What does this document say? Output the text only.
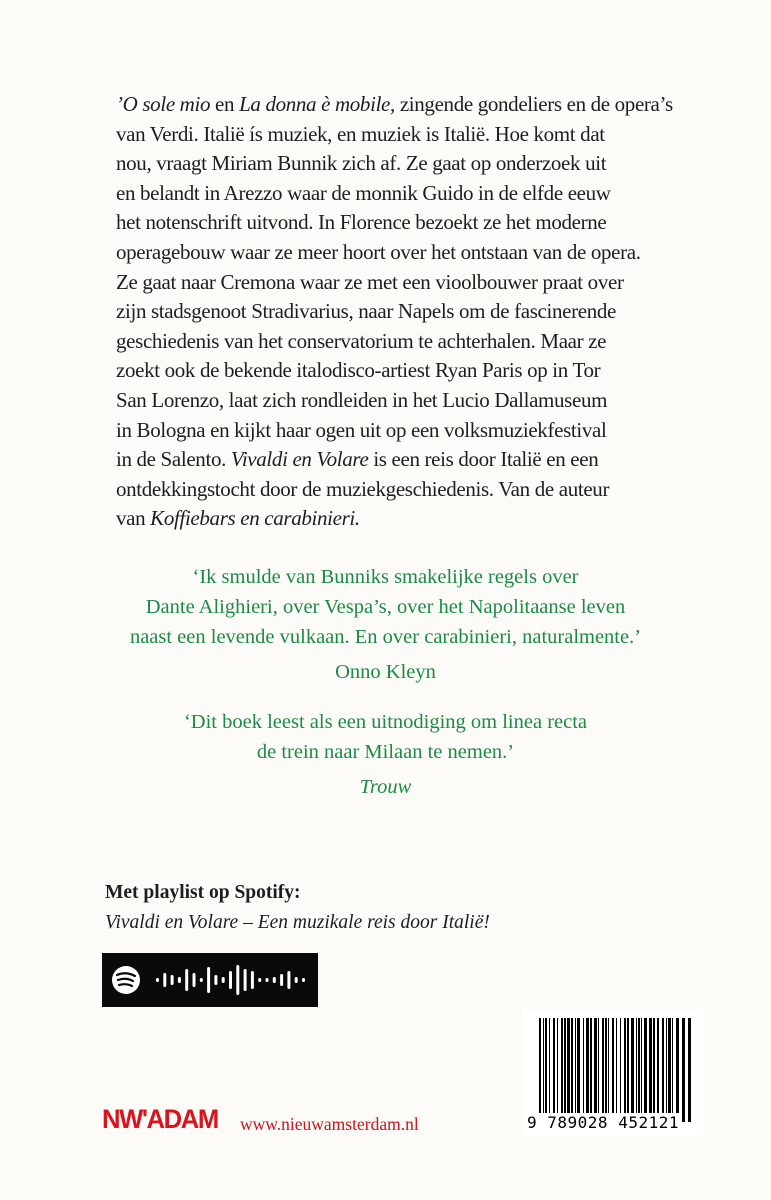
’O sole mio en La donna è mobile, zingende gondeliers en de opera’s
van Verdi. Italië ís muziek, en muziek is Italië. Hoe komt dat
nou, vraagt Miriam Bunnik zich af. Ze gaat op onderzoek uit
en belandt in Arezzo waar de monnik Guido in de elfde eeuw
het notenschrift uitvond. In Florence bezoekt ze het moderne
operagebouw waar ze meer hoort over het ontstaan van de opera.
Ze gaat naar Cremona waar ze met een vioolbouwer praat over
zijn stadsgenoot Stradivarius, naar Napels om de fascinerende
geschiedenis van het conservatorium te achterhalen. Maar ze
zoekt ook de bekende italodisco-artiest Ryan Paris op in Tor
San Lorenzo, laat zich rondleiden in het Lucio Dallamuseum
in Bologna en kijkt haar ogen uit op een volksmuziekfestival
in de Salento. Vivaldi en Volare is een reis door Italië en een
ontdekkingstocht door de muziekgeschiedenis. Van de auteur
van Koffiebars en carabinieri.
‘Ik smulde van Bunniks smakelijke regels over
Dante Alighieri, over Vespa’s, over het Napolitaanse leven
naast een levende vulkaan. En over carabinieri, naturalmente.’
Onno Kleyn
‘Dit boek leest als een uitnodiging om linea recta
de trein naar Milaan te nemen.’
Trouw
Met playlist op Spotify:
Vivaldi en Volare – Een muzikale reis door Italië!
9 789028 452121
NW'ADAM www.nieuwamsterdam.nl
